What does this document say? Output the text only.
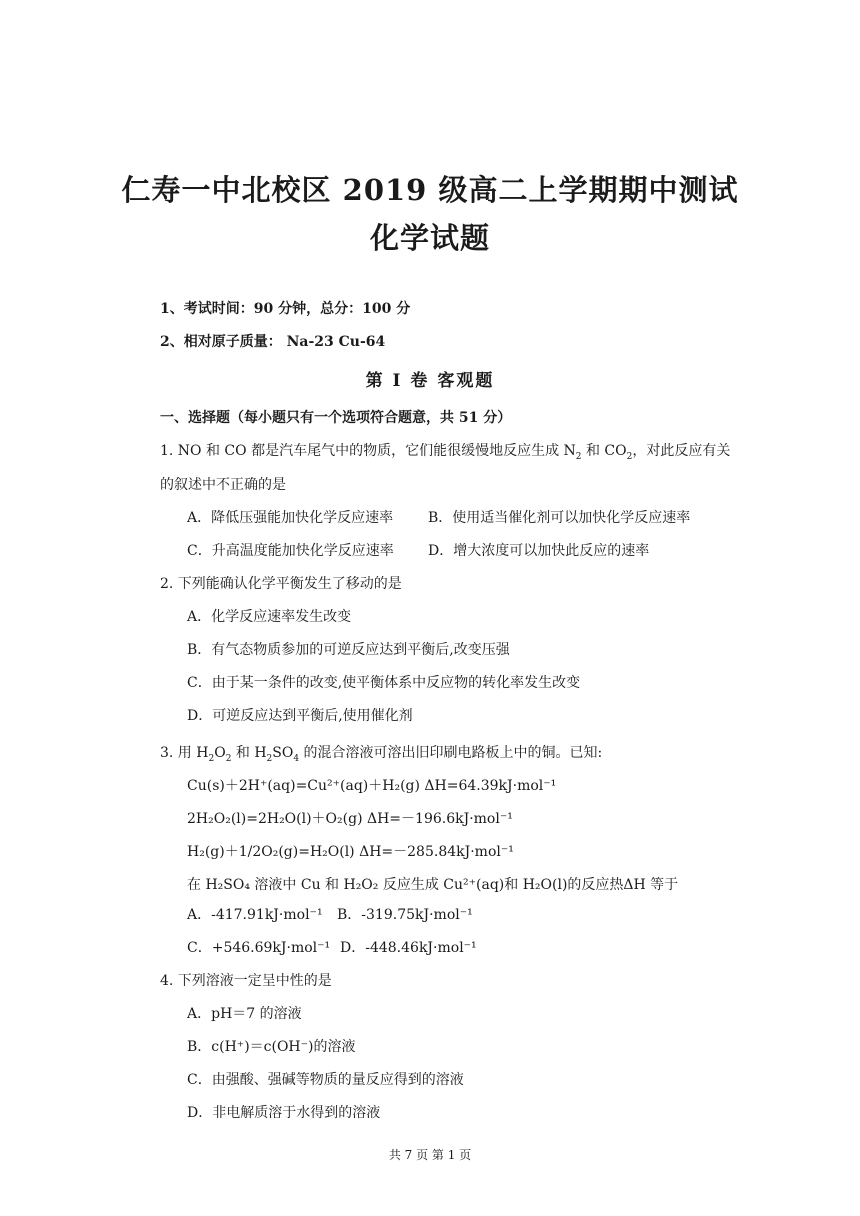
仁寿一中北校区 2019 级高二上学期期中测试
化学试题
1、考试时间：90 分钟，总分：100 分
2、相对原子质量： Na-23 Cu-64
第 I 卷 客观题
一、选择题（每小题只有一个选项符合题意，共 51 分）
1. NO 和 CO 都是汽车尾气中的物质，它们能很缓慢地反应生成 $N_2$ 和 $CO_2$，对此反应有关
的叙述中不正确的是
A．降低压强能加快化学反应速率 B．使用适当催化剂可以加快化学反应速率
C．升高温度能加快化学反应速率 D．增大浓度可以加快此反应的速率
2. 下列能确认化学平衡发生了移动的是
A．化学反应速率发生改变
B．有气态物质参加的可逆反应达到平衡后,改变压强
C．由于某一条件的改变,使平衡体系中反应物的转化率发生改变
D．可逆反应达到平衡后,使用催化剂
3. 用 $H_2O_2$ 和 $H_2SO_4$ 的混合溶液可溶出旧印刷电路板上中的铜。已知:
Cu(s)＋2H⁺(aq)=Cu²⁺(aq)＋H₂(g) ΔH=64.39kJ·mol⁻¹
2H₂O₂(l)=2H₂O(l)＋O₂(g) ΔH=－196.6kJ·mol⁻¹
H₂(g)＋1/2O₂(g)=H₂O(l) ΔH=－285.84kJ·mol⁻¹
在 H₂SO₄ 溶液中 Cu 和 H₂O₂ 反应生成 Cu²⁺(aq)和 H₂O(l)的反应热ΔH 等于
A．-417.91kJ·mol⁻¹ B．-319.75kJ·mol⁻¹
C．+546.69kJ·mol⁻¹ D．-448.46kJ·mol⁻¹
4. 下列溶液一定呈中性的是
A．pH＝7 的溶液
B．c(H⁺)＝c(OH⁻)的溶液
C．由强酸、强碱等物质的量反应得到的溶液
D．非电解质溶于水得到的溶液
共 7 页 第 1 页
